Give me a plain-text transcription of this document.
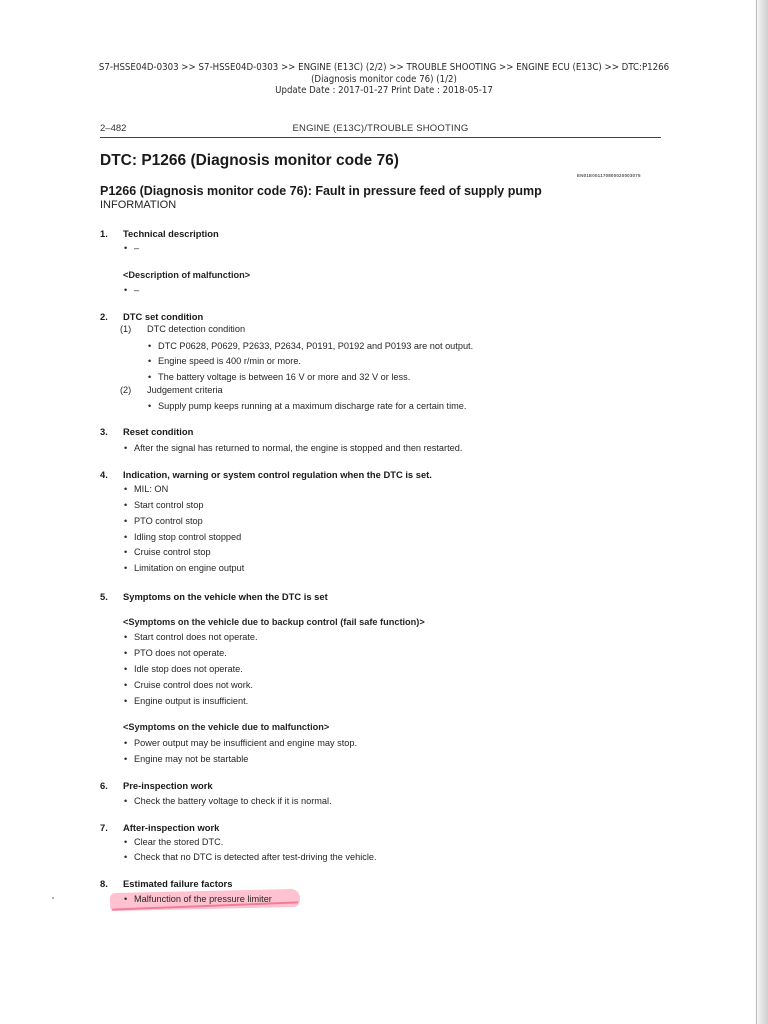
S7-HSSE04D-0303 >> S7-HSSE04D-0303 >> ENGINE (E13C) (2/2) >> TROUBLE SHOOTING >> ENGINE ECU (E13C) >> DTC:P1266
(Diagnosis monitor code 76) (1/2)
Update Date : 2017-01-27 Print Date : 2018-05-17
2–482	ENGINE (E13C)/TROUBLE SHOOTING
DTC: P1266 (Diagnosis monitor code 76)
EN01E001170800020003075
P1266 (Diagnosis monitor code 76): Fault in pressure feed of supply pump
INFORMATION
1. Technical description
• –
<Description of malfunction>
• –
2. DTC set condition
(1) DTC detection condition
• DTC P0628, P0629, P2633, P2634, P0191, P0192 and P0193 are not output.
• Engine speed is 400 r/min or more.
• The battery voltage is between 16 V or more and 32 V or less.
(2) Judgement criteria
• Supply pump keeps running at a maximum discharge rate for a certain time.
3. Reset condition
• After the signal has returned to normal, the engine is stopped and then restarted.
4. Indication, warning or system control regulation when the DTC is set.
• MIL: ON
• Start control stop
• PTO control stop
• Idling stop control stopped
• Cruise control stop
• Limitation on engine output
5. Symptoms on the vehicle when the DTC is set
<Symptoms on the vehicle due to backup control (fail safe function)>
• Start control does not operate.
• PTO does not operate.
• Idle stop does not operate.
• Cruise control does not work.
• Engine output is insufficient.
<Symptoms on the vehicle due to malfunction>
• Power output may be insufficient and engine may stop.
• Engine may not be startable
6. Pre-inspection work
• Check the battery voltage to check if it is normal.
7. After-inspection work
• Clear the stored DTC.
• Check that no DTC is detected after test-driving the vehicle.
8. Estimated failure factors
• Malfunction of the pressure limiter
